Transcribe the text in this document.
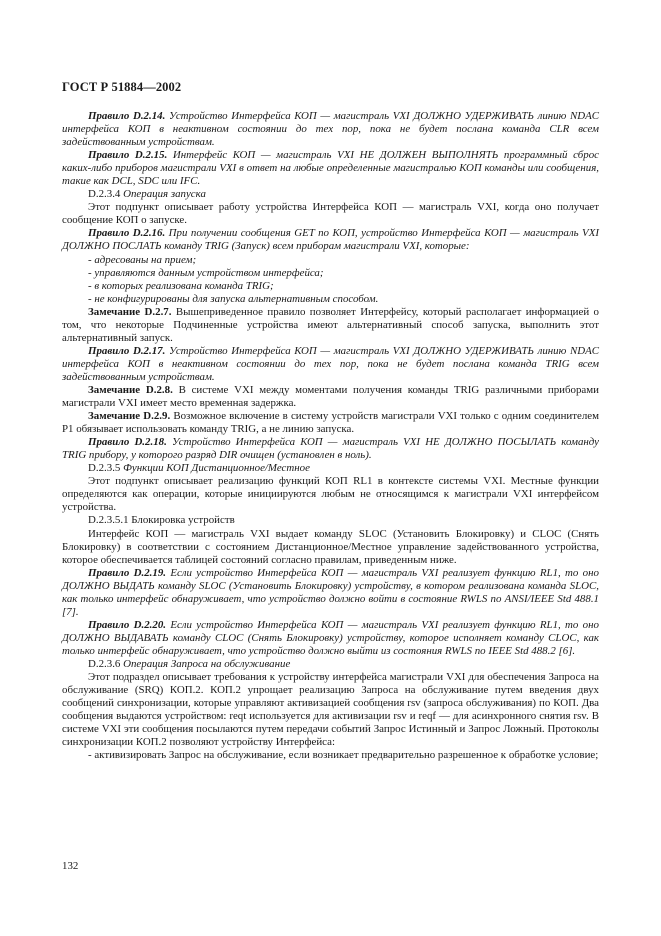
ГОСТ Р 51884—2002

Правило D.2.14. Устройство Интерфейса КОП — магистраль VXI ДОЛЖНО УДЕРЖИВАТЬ линию NDAC интерфейса КОП в неактивном состоянии до тех пор, пока не будет послана команда CLR всем задействованным устройствам.

Правило D.2.15. Интерфейс КОП — магистраль VXI НЕ ДОЛЖЕН ВЫПОЛНЯТЬ программный сброс каких-либо приборов магистрали VXI в ответ на любые определенные магистралью КОП команды или сообщения, такие как DCL, SDC или IFC.

D.2.3.4 Операция запуска

Этот подпункт описывает работу устройства Интерфейса КОП — магистраль VXI, когда оно получает сообщение КОП о запуске.

Правило D.2.16. При получении сообщения GET по КОП, устройство Интерфейса КОП — магистраль VXI ДОЛЖНО ПОСЛАТЬ команду TRIG (Запуск) всем приборам магистрали VXI, которые:

- адресованы на прием;

- управляются данным устройством интерфейса;

- в которых реализована команда TRIG;

- не конфигурированы для запуска альтернативным способом.

Замечание D.2.7. Вышеприведенное правило позволяет Интерфейсу, который располагает информацией о том, что некоторые Подчиненные устройства имеют альтернативный способ запуска, выполнить этот альтернативный запуск.

Правило D.2.17. Устройство Интерфейса КОП — магистраль VXI ДОЛЖНО УДЕРЖИВАТЬ линию NDAC интерфейса КОП в неактивном состоянии до тех пор, пока не будет послана команда TRIG всем задействованным устройствам.

Замечание D.2.8. В системе VXI между моментами получения команды TRIG различными приборами магистрали VXI имеет место временная задержка.

Замечание D.2.9. Возможное включение в систему устройств магистрали VXI только с одним соединителем P1 обязывает использовать команду TRIG, а не линию запуска.

Правило D.2.18. Устройство Интерфейса КОП — магистраль VXI НЕ ДОЛЖНО ПОСЫЛАТЬ команду TRIG прибору, у которого разряд DIR очищен (установлен в ноль).

D.2.3.5 Функции КОП Дистанционное/Местное

Этот подпункт описывает реализацию функций КОП RL1 в контексте системы VXI. Местные функции определяются как операции, которые инициируются любым не относящимся к магистрали VXI интерфейсом устройства.

D.2.3.5.1 Блокировка устройств

Интерфейс КОП — магистраль VXI выдает команду SLOC (Установить Блокировку) и CLOC (Снять Блокировку) в соответствии с состоянием Дистанционное/Местное управление задействованного устройства, которое обеспечивается таблицей состояний согласно правилам, приведенным ниже.

Правило D.2.19. Если устройство Интерфейса КОП — магистраль VXI реализует функцию RL1, то оно ДОЛЖНО ВЫДАТЬ команду SLOC (Установить Блокировку) устройству, в котором реализована команда SLOC, как только интерфейс обнаруживает, что устройство должно войти в состояние RWLS по ANSI/IEEE Std 488.1 [7].

Правило D.2.20. Если устройство Интерфейса КОП — магистраль VXI реализует функцию RL1, то оно ДОЛЖНО ВЫДАВАТЬ команду CLOC (Снять Блокировку) устройству, которое исполняет команду CLOC, как только интерфейс обнаруживает, что устройство должно выйти из состояния RWLS по IEEE Std 488.2 [6].

D.2.3.6 Операция Запроса на обслуживание

Этот подраздел описывает требования к устройству интерфейса магистрали VXI для обеспечения Запроса на обслуживание (SRQ) КОП.2. КОП.2 упрощает реализацию Запроса на обслуживание путем введения двух сообщений синхронизации, которые управляют активизацией сообщения rsv (запроса обслуживания) по КОП. Два сообщения выдаются устройством: reqt используется для активизации rsv и reqf — для асинхронного снятия rsv. В системе VXI эти сообщения посылаются путем передачи событий Запрос Истинный и Запрос Ложный. Протоколы синхронизации КОП.2 позволяют устройству Интерфейса:

- активизировать Запрос на обслуживание, если возникает предварительно разрешенное к обработке условие;

132
